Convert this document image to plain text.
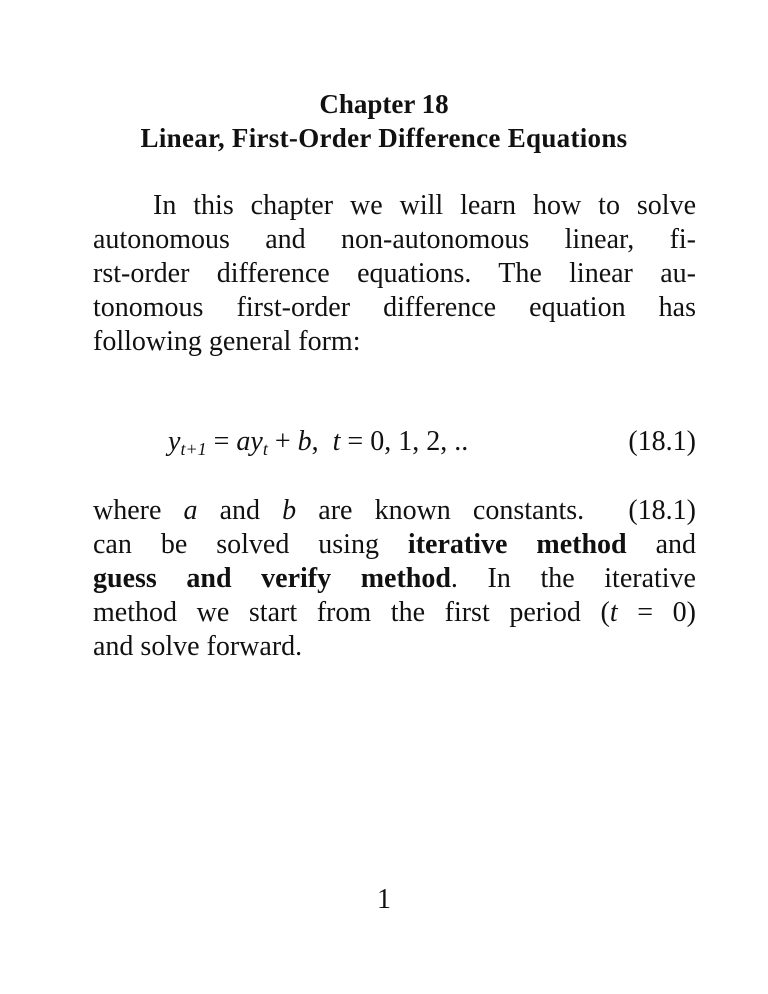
Chapter 18
Linear, First-Order Difference Equations
In this chapter we will learn how to solve
autonomous and non-autonomous linear, fi-
rst-order difference equations. The linear au-
tonomous first-order difference equation has
following general form:
$y_{t+1} = ay_t + b$,  t = 0, 1, 2, ..	(18.1)
where a and b are known constants.  (18.1)
can be solved using iterative method and
guess and verify method. In the iterative
method we start from the first period (t = 0)
and solve forward.
1
